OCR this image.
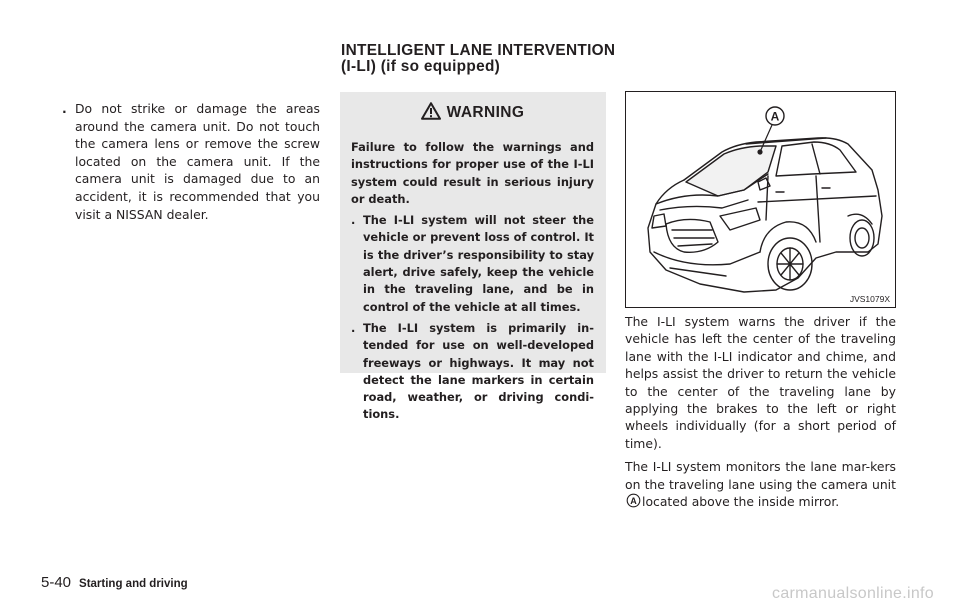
INTELLIGENT LANE INTERVENTION
(I-LI) (if so equipped)
. Do not strike or damage the areas around the camera unit. Do not touch the camera lens or remove the screw located on the camera unit. If the camera unit is damaged due to an accident, it is recommended that you visit a NISSAN dealer.
WARNING

Failure to follow the warnings and instructions for proper use of the I-LI system could result in serious injury or death.

. The I-LI system will not steer the vehicle or prevent loss of control. It is the driver’s responsibility to stay alert, drive safely, keep the vehicle in the traveling lane, and be in control of the vehicle at all times.
. The I-LI system is primarily in-tended for use on well-developed freeways or highways. It may not detect the lane markers in certain road, weather, or driving condi-tions.
A
JVS1079X

The I-LI system warns the driver if the vehicle has left the center of the traveling lane with the I-LI indicator and chime, and helps assist the driver to return the vehicle to the center of the traveling lane by applying the brakes to the left or right wheels individually (for a short period of time).

The I-LI system monitors the lane mar-kers on the traveling lane using the camera unit
A located above the inside mirror.

5-40 Starting and driving
carmanualsonline.info
